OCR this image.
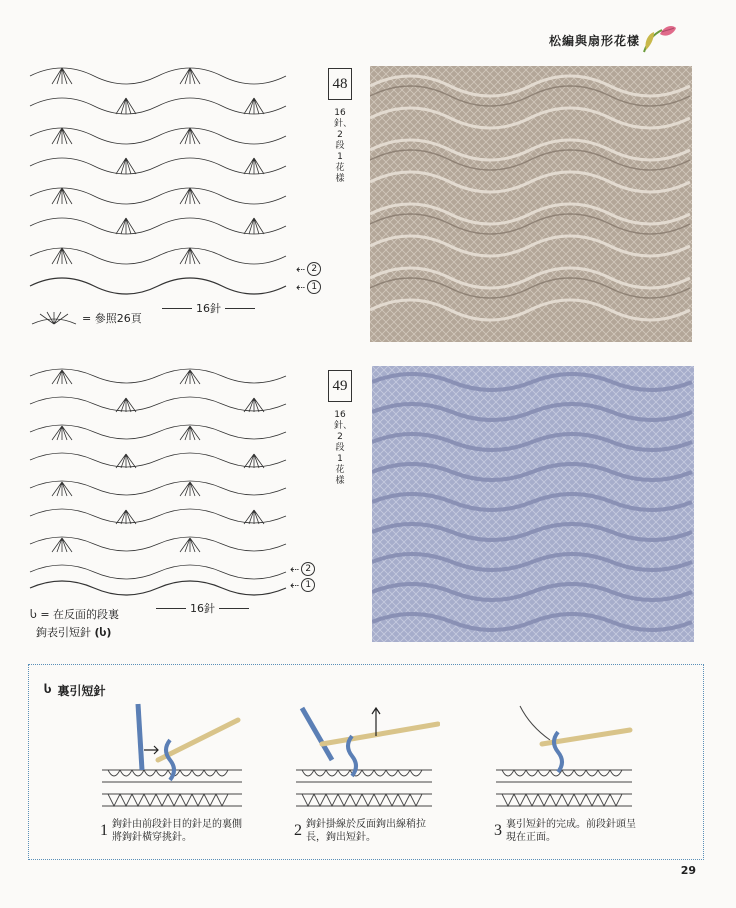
松編與扇形花樣
⇠ 2
⇠ 1
16針
= 參照26頁
48
16針、2段1花樣
⇠ 2
⇠ 1
16針
Ⴑ = 在反面的段裏
鉤表引短針 (Ⴑ)
49
16針、2段1花樣
Ⴑ 裏引短針
1 鉤針由前段針目的針足的裏側將鉤針橫穿挑針。	2 鉤針掛線於反面鉤出線稍拉長，鉤出短針。	3 裏引短針的完成。前段針頭呈現在正面。
29
